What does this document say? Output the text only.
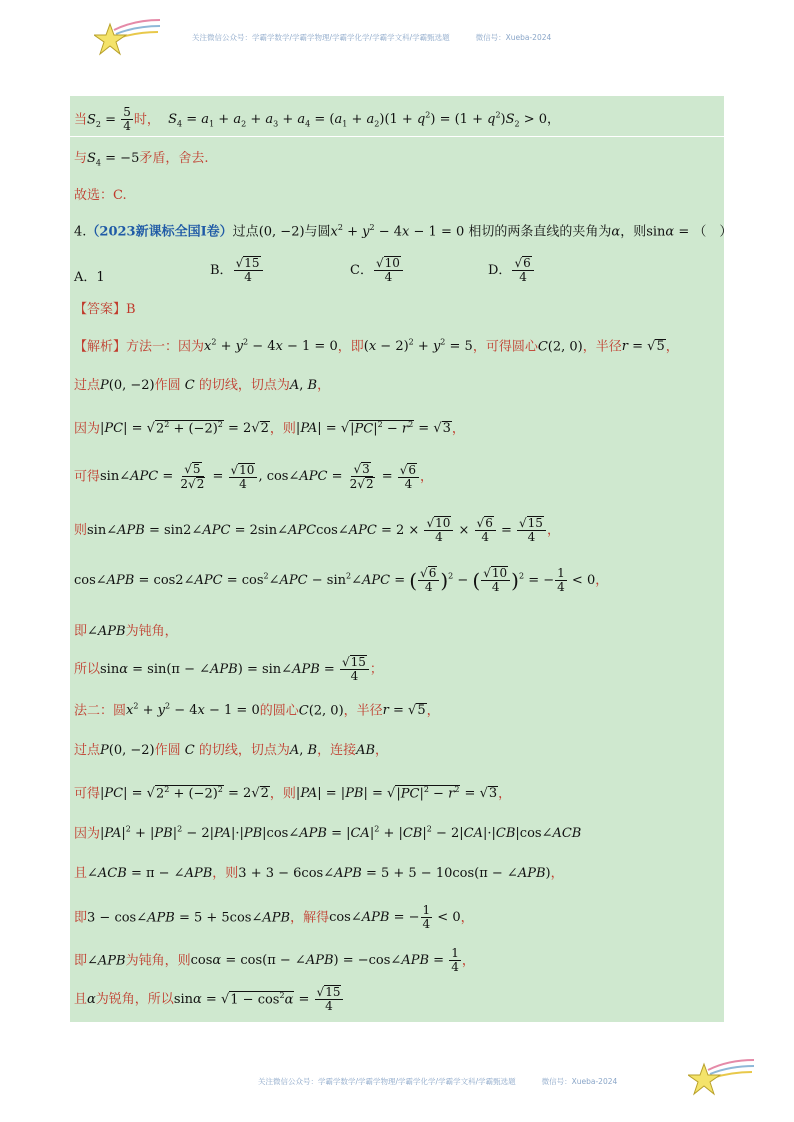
关注微信公众号：学霸学数学/学霸学物理/学霸学化学/学霸学文科/学霸甄选题	微信号：Xueba-2024
当$S_2 = \frac{5}{4}$ 时， $S_4 = a_1 + a_2 + a_3 + a_4 = (a_1 + a_2)(1 + q^2) = (1 + q^2)S_2 > 0$，
与$S_4 = -5$矛盾，舍去.
故选：C.
4.（2023新课标全国Ⅰ卷）过点(0, −2)与圆$x^2 + y^2 - 4x - 1 = 0$ 相切的两条直线的夹角为α，则sinα = （　）
A．1	B．
√ $\frac{15}{4}$	C．
√ $\frac{10}{4}$	D．
√ $\frac{6}{4}$
【答案】B
【解析】方法一：因为$x^2 + y^2 - 4x - 1 = 0$，即$(x - 2)^2 + y^2 = 5$，可得圆心C(2, 0)，半径r = √ 5，
过点P(0, −2)作圆 C 的切线，切点为A, B，
因为|PC| = √ $2^2 + (-2)^2 = 2√$ 2，则|PA| = √ $|PC|^2 - r^2$ = √ 3，
可得sin∠APC =
√ $\frac{5}{2√ 2}$ =
√ $\frac{10}{4}$ , cos∠APC =
√ $\frac{3}{2√ 2}$ =
√ $\frac{6}{4}$ ，
则sin∠APB = sin2∠APC = 2sin∠APCcos∠APC = 2 ×
√ $\frac{10}{4}$ ×
√ $\frac{6}{4}$ =
√ $\frac{15}{4}$ ，
cos∠APB = cos2∠APC = $\cos^2\angle APC$ − $\sin^2\angle APC$ = (
√ $\frac{6}{4} )^2$ − (
√ $\frac{10}{4} )^2$ = − $\frac{1}{4} < 0$，
即∠APB为钝角，
所以sinα = sin(π − ∠APB) = sin∠APB =
√ $\frac{15}{4}$ ；
法二：圆$x^2 + y^2 - 4x - 1 = 0$的圆心C(2, 0)，半径r = √ 5，
过点P(0, −2)作圆 C 的切线，切点为A, B，连接AB，
可得|PC| = √ $2^2 + (-2)^2 = 2√$ 2，则|PA| = |PB| = √ $|PC|^2 - r^2$ = √ 3，
因为$|PA|^2 + |PB|^2$ − 2|PA|·|PB|cos∠APB = $|CA|^2 + |CB|^2$ − 2|CA|·|CB|cos∠ACB
且∠ACB = π − ∠APB，则3 + 3 − 6cos∠APB = 5 + 5 − 10cos(π − ∠APB)，
即3 − cos∠APB = 5 + 5cos∠APB，解得cos∠APB = − $\frac{1}{4} < 0$，
即∠APB为钝角，则cosα = cos(π − ∠APB) = −cos∠APB = $\frac{1}{4}$ ，
且α为锐角，所以sinα = √ $1 - \cos^2\alpha$ =
√ $\frac{15}{4}$
关注微信公众号：学霸学数学/学霸学物理/学霸学化学/学霸学文科/学霸甄选题	微信号：Xueba-2024
